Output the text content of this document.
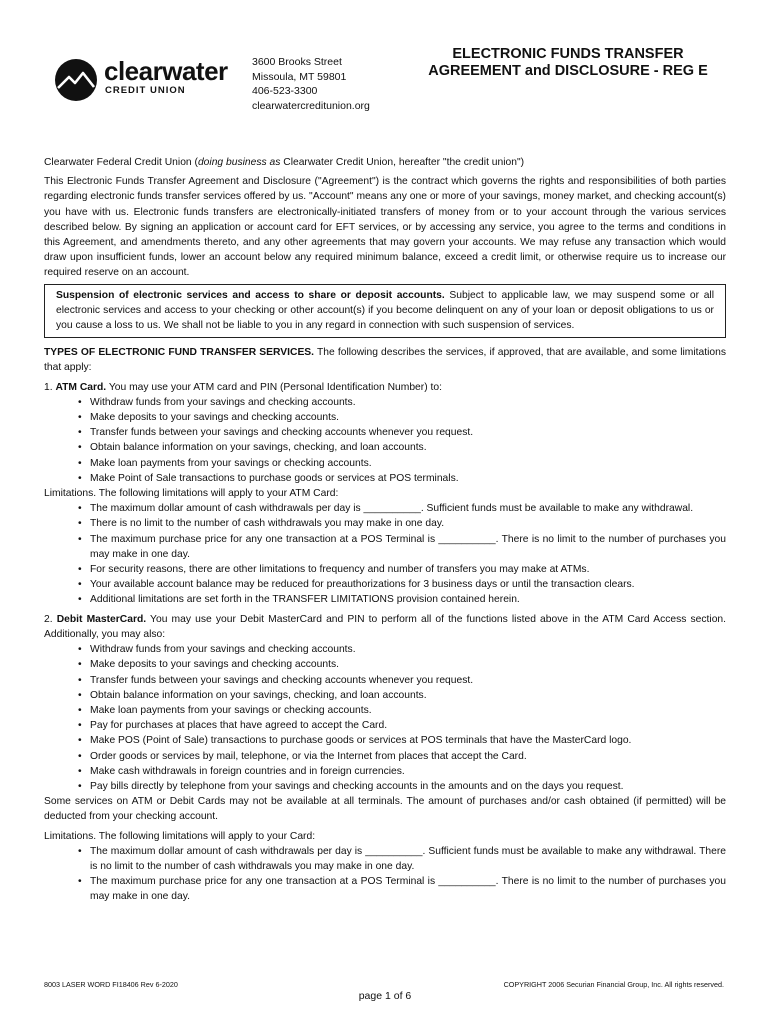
clearwater
CREDIT UNION
3600 Brooks Street
Missoula, MT 59801
406-523-3300
clearwatercreditunion.org
ELECTRONIC FUNDS TRANSFER
AGREEMENT and DISCLOSURE - REG E

Clearwater Federal Credit Union (doing business as Clearwater Credit Union, hereafter "the credit union")

This Electronic Funds Transfer Agreement and Disclosure ("Agreement") is the contract which governs the rights and responsibilities of both parties regarding electronic funds transfer services offered by us. "Account" means any one or more of your savings, money market, and checking account(s) you have with us. Electronic funds transfers are electronically-initiated transfers of money from or to your account through the various services described below. By signing an application or account card for EFT services, or by accessing any service, you agree to the terms and conditions in this Agreement, and amendments thereto, and any other agreements that may govern your accounts. We may refuse any transaction which would draw upon insufficient funds, lower an account below any required minimum balance, exceed a credit limit, or otherwise require us to increase our required reserve on an account.

Suspension of electronic services and access to share or deposit accounts. Subject to applicable law, we may suspend some or all electronic services and access to your checking or other account(s) if you become delinquent on any of your loan or deposit obligations to us or you cause a loss to us. We shall not be liable to you in any regard in connection with such suspension of services.

TYPES OF ELECTRONIC FUND TRANSFER SERVICES. The following describes the services, if approved, that are available, and some limitations that apply:

1. ATM Card. You may use your ATM card and PIN (Personal Identification Number) to:

• Withdraw funds from your savings and checking accounts.
• Make deposits to your savings and checking accounts.
• Transfer funds between your savings and checking accounts whenever you request.
• Obtain balance information on your savings, checking, and loan accounts.
• Make loan payments from your savings or checking accounts.
• Make Point of Sale transactions to purchase goods or services at POS terminals.

Limitations. The following limitations will apply to your ATM Card:

• The maximum dollar amount of cash withdrawals per day is __________. Sufficient funds must be available to make any withdrawal.
• There is no limit to the number of cash withdrawals you may make in one day.
• The maximum purchase price for any one transaction at a POS Terminal is __________. There is no limit to the number of purchases you may make in one day.
• For security reasons, there are other limitations to frequency and number of transfers you may make at ATMs.
• Your available account balance may be reduced for preauthorizations for 3 business days or until the transaction clears.
• Additional limitations are set forth in the TRANSFER LIMITATIONS provision contained herein.

2. Debit MasterCard. You may use your Debit MasterCard and PIN to perform all of the functions listed above in the ATM Card Access section. Additionally, you may also:

• Withdraw funds from your savings and checking accounts.
• Make deposits to your savings and checking accounts.
• Transfer funds between your savings and checking accounts whenever you request.
• Obtain balance information on your savings, checking, and loan accounts.
• Make loan payments from your savings or checking accounts.
• Pay for purchases at places that have agreed to accept the Card.
• Make POS (Point of Sale) transactions to purchase goods or services at POS terminals that have the MasterCard logo.
• Order goods or services by mail, telephone, or via the Internet from places that accept the Card.
• Make cash withdrawals in foreign countries and in foreign currencies.
• Pay bills directly by telephone from your savings and checking accounts in the amounts and on the days you request.

Some services on ATM or Debit Cards may not be available at all terminals. The amount of purchases and/or cash obtained (if permitted) will be deducted from your checking account.

Limitations. The following limitations will apply to your Card:

• The maximum dollar amount of cash withdrawals per day is __________. Sufficient funds must be available to make any withdrawal. There is no limit to the number of cash withdrawals you may make in one day.
• The maximum purchase price for any one transaction at a POS Terminal is __________. There is no limit to the number of purchases you may make in one day.
8003 LASER WORD FI18406 Rev 6-2020	COPYRIGHT 2006 Securian Financial Group, Inc. All rights reserved.
page 1 of 6
